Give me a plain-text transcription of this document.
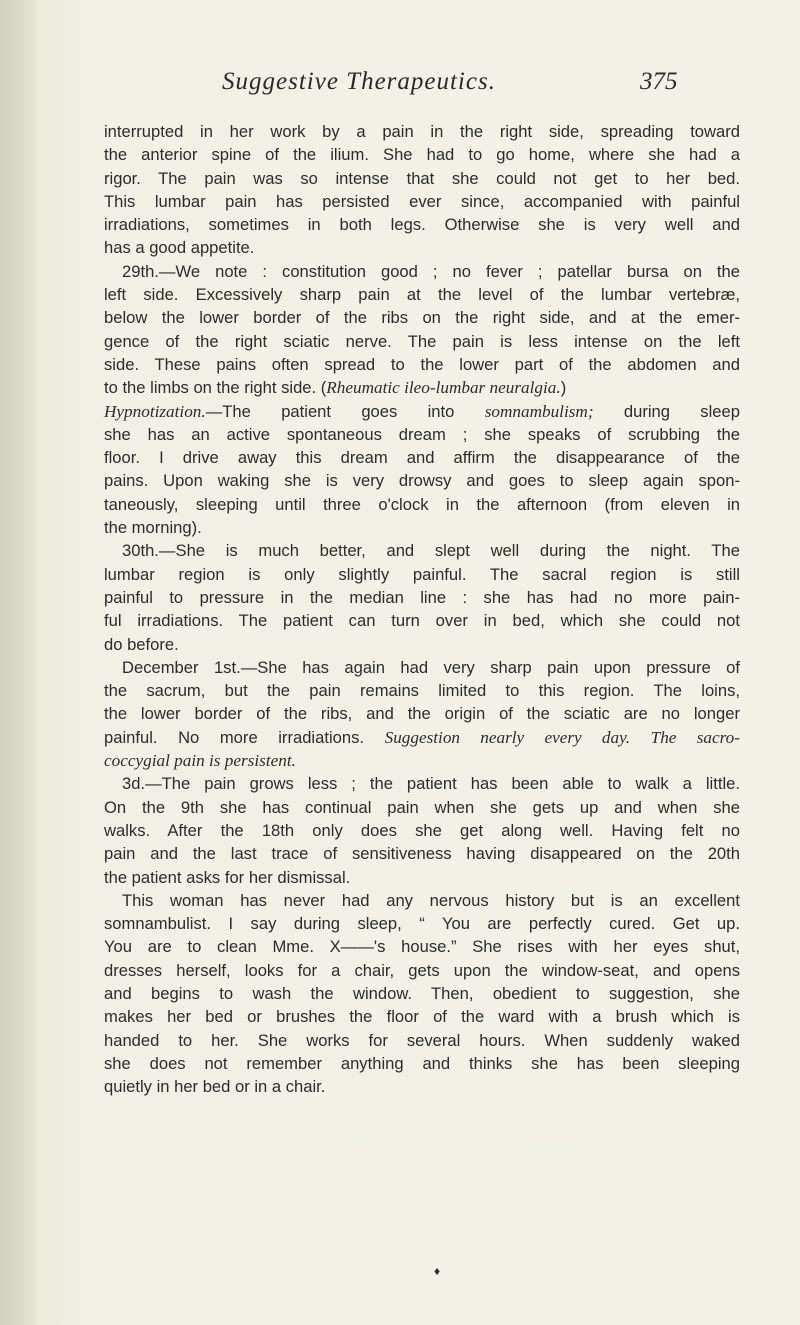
Suggestive Therapeutics.	375
interrupted in her work by a pain in the right side, spreading toward
the anterior spine of the ilium. She had to go home, where she had a
rigor. The pain was so intense that she could not get to her bed.
This lumbar pain has persisted ever since, accompanied with painful
irradiations, sometimes in both legs. Otherwise she is very well and
has a good appetite.
29th.—We note : constitution good ; no fever ; patellar bursa on the
left side. Excessively sharp pain at the level of the lumbar vertebræ,
below the lower border of the ribs on the right side, and at the emer-
gence of the right sciatic nerve. The pain is less intense on the left
side. These pains often spread to the lower part of the abdomen and
to the limbs on the right side. (Rheumatic ileo-lumbar neuralgia.)
Hypnotization.—The patient goes into somnambulism; during sleep
she has an active spontaneous dream ; she speaks of scrubbing the
floor. I drive away this dream and affirm the disappearance of the
pains. Upon waking she is very drowsy and goes to sleep again spon-
taneously, sleeping until three o'clock in the afternoon (from eleven in
the morning).
30th.—She is much better, and slept well during the night. The
lumbar region is only slightly painful. The sacral region is still
painful to pressure in the median line : she has had no more pain-
ful irradiations. The patient can turn over in bed, which she could not
do before.
December 1st.—She has again had very sharp pain upon pressure of
the sacrum, but the pain remains limited to this region. The loins,
the lower border of the ribs, and the origin of the sciatic are no longer
painful. No more irradiations. Suggestion nearly every day. The sacro-
coccygial pain is persistent.
3d.—The pain grows less ; the patient has been able to walk a little.
On the 9th she has continual pain when she gets up and when she
walks. After the 18th only does she get along well. Having felt no
pain and the last trace of sensitiveness having disappeared on the 20th
the patient asks for her dismissal.
This woman has never had any nervous history but is an excellent
somnambulist. I say during sleep, “ You are perfectly cured. Get up.
You are to clean Mme. X——'s house.” She rises with her eyes shut,
dresses herself, looks for a chair, gets upon the window-seat, and opens
and begins to wash the window. Then, obedient to suggestion, she
makes her bed or brushes the floor of the ward with a brush which is
handed to her. She works for several hours. When suddenly waked
she does not remember anything and thinks she has been sleeping
quietly in her bed or in a chair.
♦
